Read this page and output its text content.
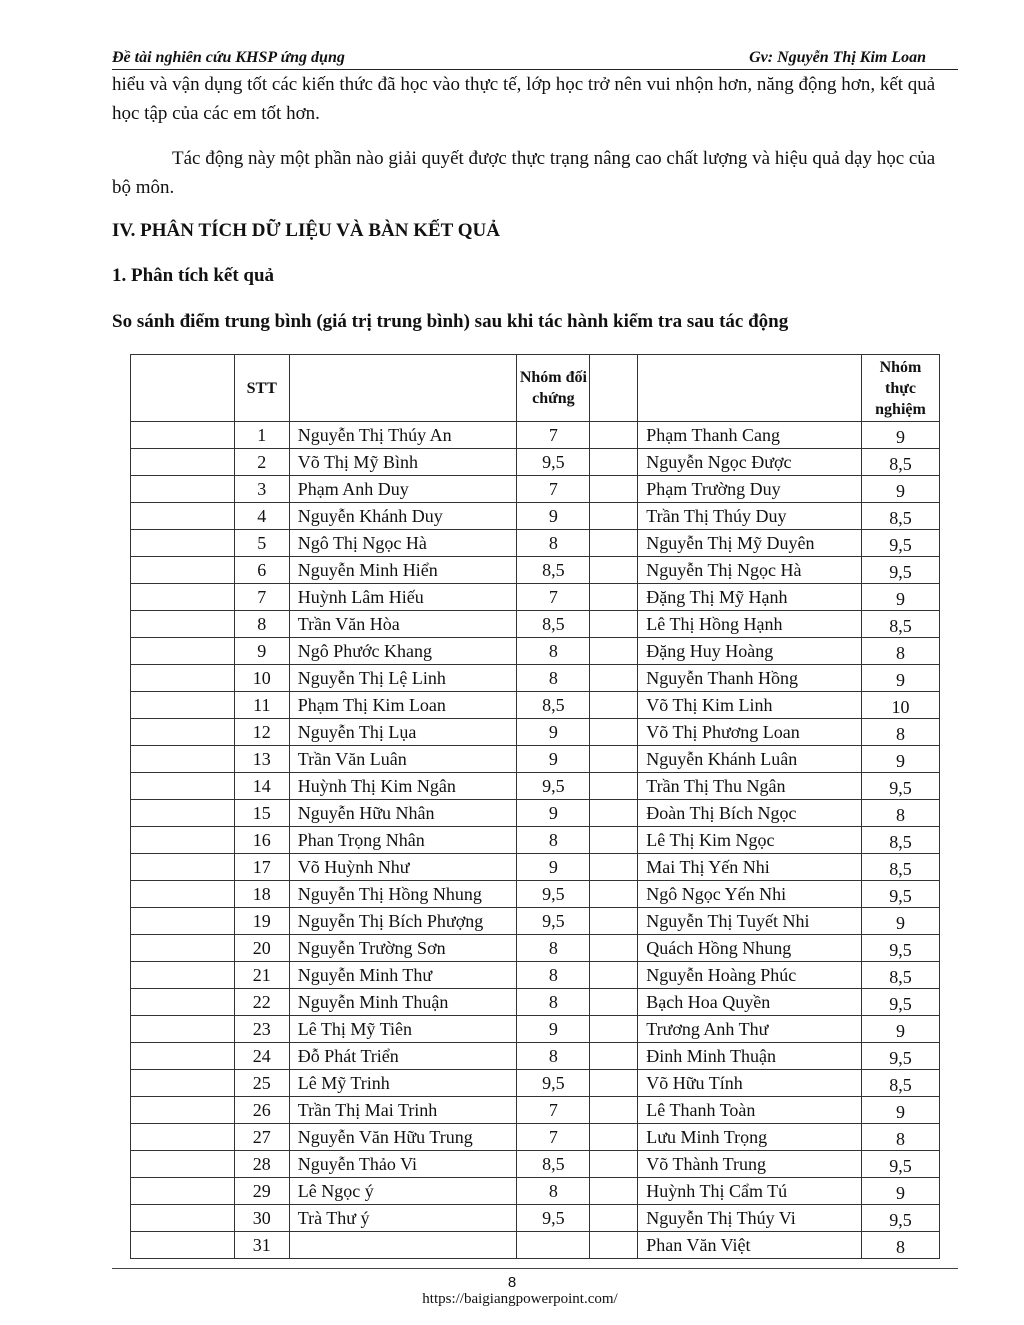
Đề tài nghiên cứu KHSP ứng dụng	Gv: Nguyễn Thị Kim Loan

hiểu và vận dụng tốt các kiến thức đã học vào thực tế, lớp học trở nên vui nhộn hơn, năng động hơn, kết quả học tập của các em tốt hơn.

Tác động này một phần nào giải quyết được thực trạng nâng cao chất lượng và hiệu quả dạy học của bộ môn.

IV. PHÂN TÍCH DỮ LIỆU VÀ BÀN KẾT QUẢ
1. Phân tích kết quả
So sánh điểm trung bình (giá trị trung bình) sau khi tác hành kiểm tra sau tác động
	STT		Nhóm đối chứng			Nhóm thực nghiệm
	1	Nguyễn Thị Thúy An	7		Phạm Thanh Cang	9
	2	Võ Thị Mỹ Bình	9,5		Nguyễn Ngọc Được	8,5
	3	Phạm Anh Duy	7		Phạm Trường Duy	9
	4	Nguyễn Khánh Duy	9		Trần Thị Thúy Duy	8,5
	5	Ngô Thị Ngọc Hà	8		Nguyễn Thị Mỹ Duyên	9,5
	6	Nguyễn Minh Hiển	8,5		Nguyễn Thị Ngọc Hà	9,5
	7	Huỳnh Lâm Hiếu	7		Đặng Thị Mỹ Hạnh	9
	8	Trần Văn Hòa	8,5		Lê Thị Hồng Hạnh	8,5
	9	Ngô Phước Khang	8		Đặng Huy Hoàng	8
	10	Nguyễn Thị Lệ Linh	8		Nguyễn Thanh Hồng	9
	11	Phạm Thị Kim Loan	8,5		Võ Thị Kim Linh	10
	12	Nguyễn Thị Lụa	9		Võ Thị Phương Loan	8
	13	Trần Văn Luân	9		Nguyễn Khánh Luân	9
	14	Huỳnh Thị Kim Ngân	9,5		Trần Thị Thu Ngân	9,5
	15	Nguyễn Hữu Nhân	9		Đoàn Thị Bích Ngọc	8
	16	Phan Trọng Nhân	8		Lê Thị Kim Ngọc	8,5
	17	Võ Huỳnh Như	9		Mai Thị Yến Nhi	8,5
	18	Nguyễn Thị Hồng Nhung	9,5		Ngô Ngọc Yến Nhi	9,5
	19	Nguyễn Thị Bích Phượng	9,5		Nguyễn Thị Tuyết Nhi	9
	20	Nguyễn Trường Sơn	8		Quách Hồng Nhung	9,5
	21	Nguyễn Minh Thư	8		Nguyễn Hoàng Phúc	8,5
	22	Nguyễn Minh Thuận	8		Bạch Hoa Quyền	9,5
	23	Lê Thị Mỹ Tiên	9		Trương Anh Thư	9
	24	Đỗ Phát Triển	8		Đinh Minh Thuận	9,5
	25	Lê Mỹ Trinh	9,5		Võ Hữu Tính	8,5
	26	Trần Thị Mai Trinh	7		Lê Thanh Toàn	9
	27	Nguyễn Văn Hữu Trung	7		Lưu Minh Trọng	8
	28	Nguyễn Thảo Vi	8,5		Võ Thành Trung	9,5
	29	Lê Ngọc ý	8		Huỳnh Thị Cẩm Tú	9
	30	Trà Thư ý	9,5		Nguyễn Thị Thúy Vi	9,5
	31				Phan Văn Việt	8
8
https://baigiangpowerpoint.com/
